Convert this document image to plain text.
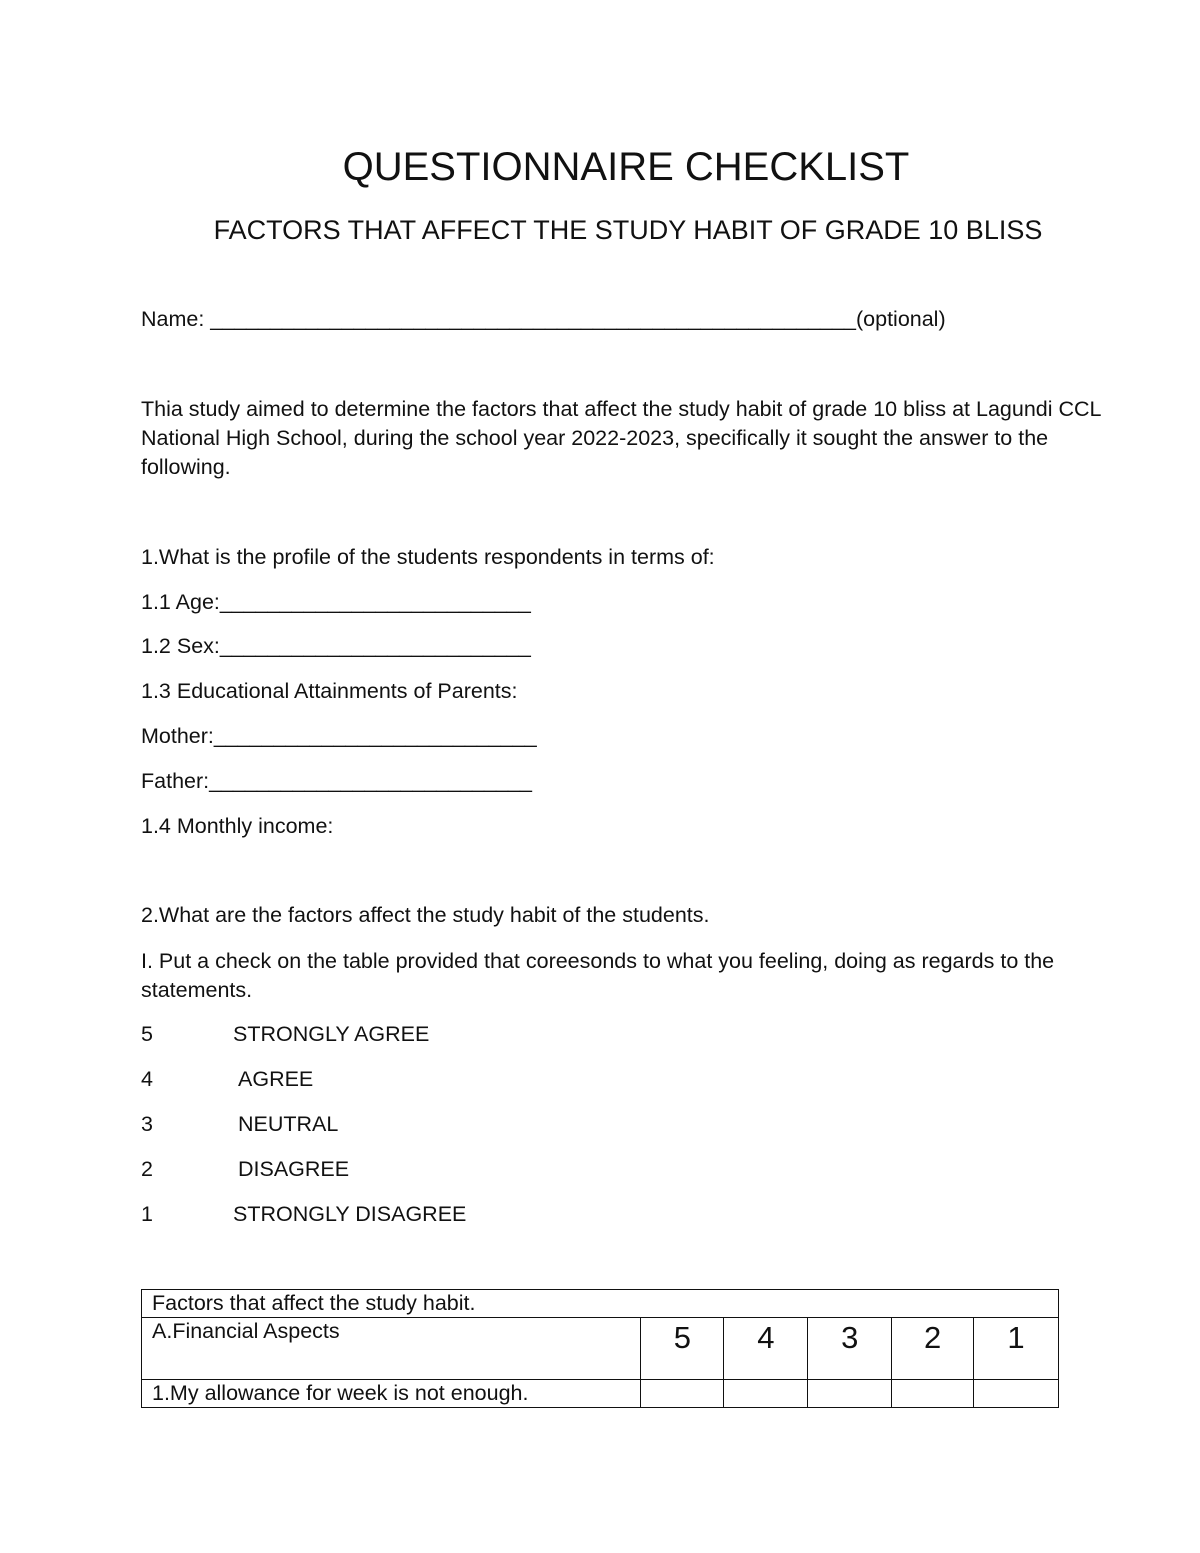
QUESTIONNAIRE CHECKLIST
FACTORS THAT AFFECT THE STUDY HABIT OF GRADE 10 BLISS
Name: ______________________________________________________(optional)
Thia study aimed to determine the factors that affect the study habit of grade 10 bliss at Lagundi CCL National High School, during the school year 2022-2023, specifically it sought the answer to the following.
1.What is the profile of the students respondents in terms of:
1.1 Age:__________________________
1.2 Sex:__________________________
1.3 Educational Attainments of Parents:
Mother:___________________________
Father:___________________________
1.4 Monthly income:
2.What are the factors affect the study habit of the students.
I. Put a check on the table provided that coreesonds to what you feeling, doing as regards to the statements.
5	STRONGLY AGREE
4	AGREE
3	NEUTRAL
2	DISAGREE
1	STRONGLY DISAGREE
Factors that affect the study habit.					
A.Financial Aspects	5	4	3	2	1
1.My allowance for week is not enough.					
